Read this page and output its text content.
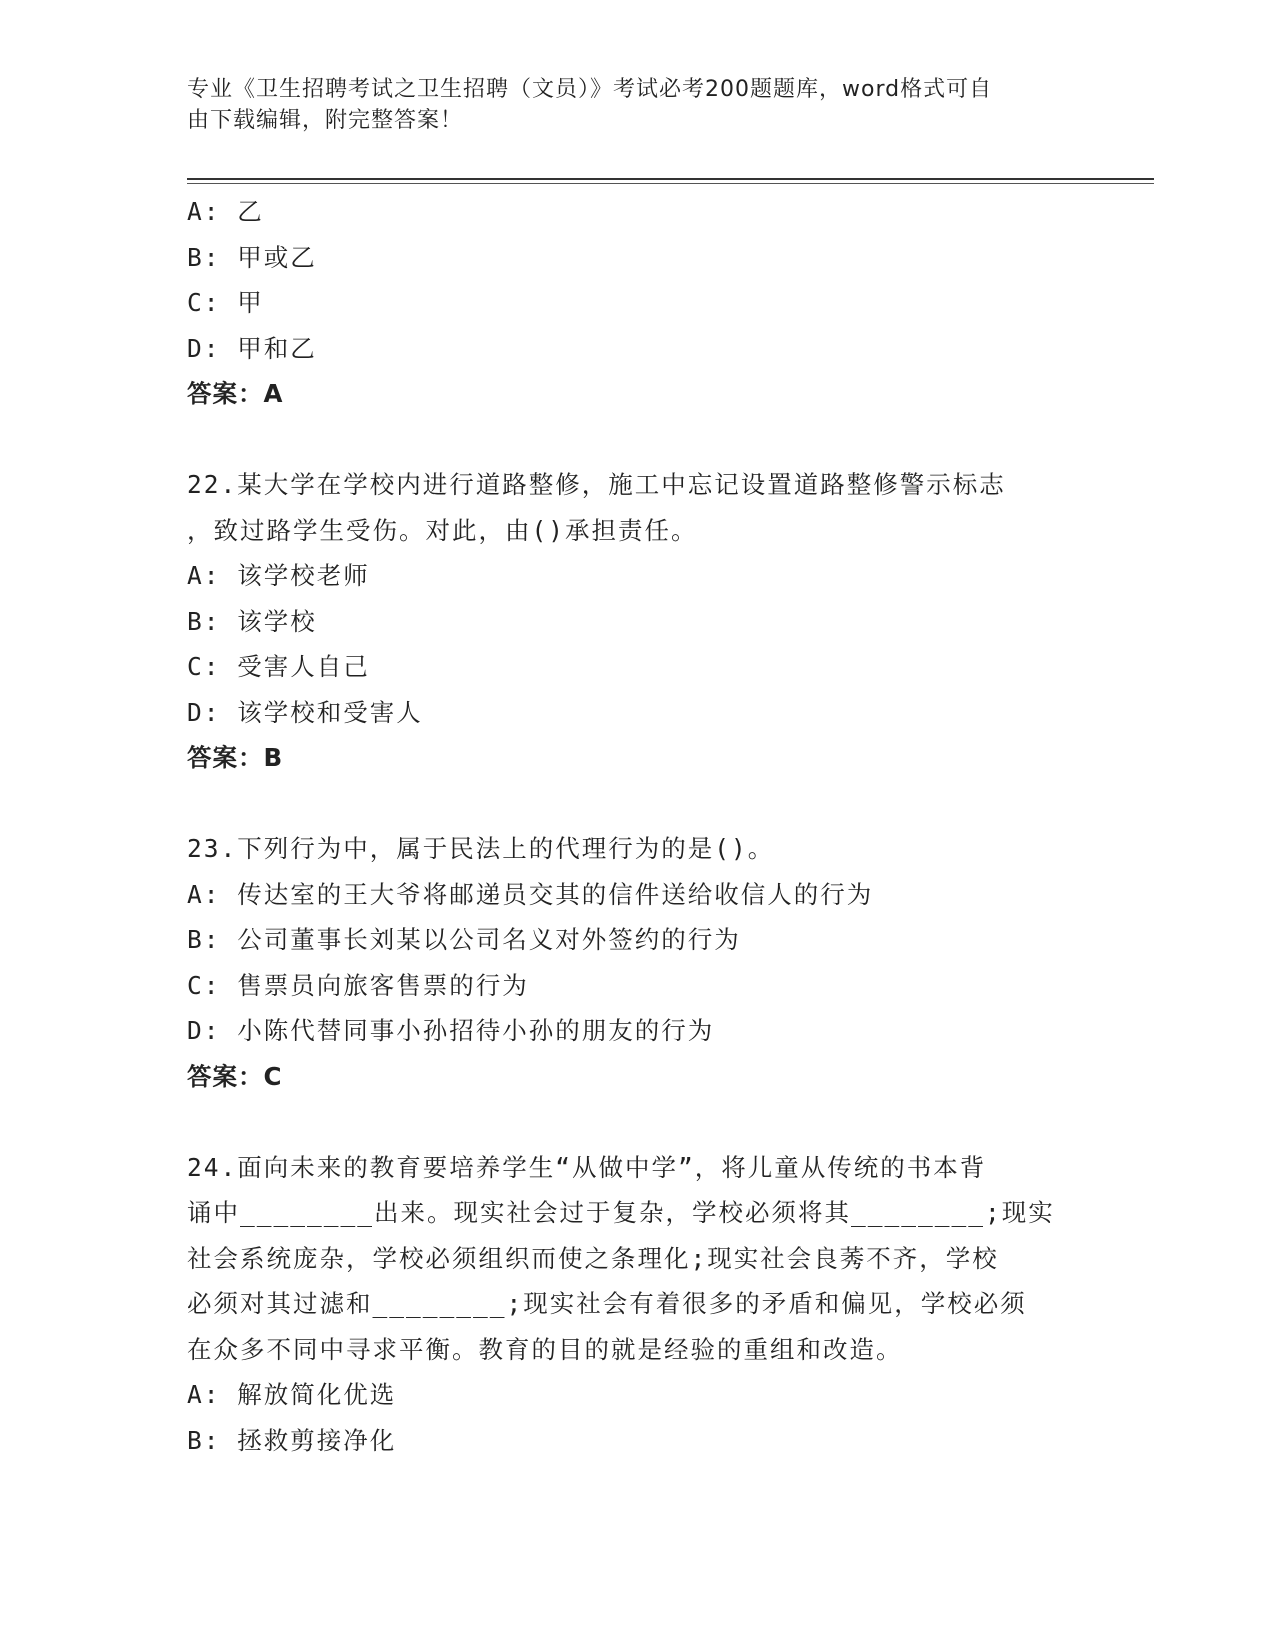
专业《卫生招聘考试之卫生招聘（文员）》考试必考200题题库，word格式可自
由下载编辑，附完整答案！
A: 乙
B: 甲或乙
C: 甲
D: 甲和乙
答案：A
22.某大学在学校内进行道路整修，施工中忘记设置道路整修警示标志
，致过路学生受伤。对此，由()承担责任。
A: 该学校老师
B: 该学校
C: 受害人自己
D: 该学校和受害人
答案：B
23.下列行为中，属于民法上的代理行为的是()。
A: 传达室的王大爷将邮递员交其的信件送给收信人的行为
B: 公司董事长刘某以公司名义对外签约的行为
C: 售票员向旅客售票的行为
D: 小陈代替同事小孙招待小孙的朋友的行为
答案：C
24.面向未来的教育要培养学生“从做中学”，将儿童从传统的书本背
诵中________出来。现实社会过于复杂，学校必须将其________;现实
社会系统庞杂，学校必须组织而使之条理化;现实社会良莠不齐，学校
必须对其过滤和________;现实社会有着很多的矛盾和偏见，学校必须
在众多不同中寻求平衡。教育的目的就是经验的重组和改造。
A: 解放简化优选
B: 拯救剪接净化
